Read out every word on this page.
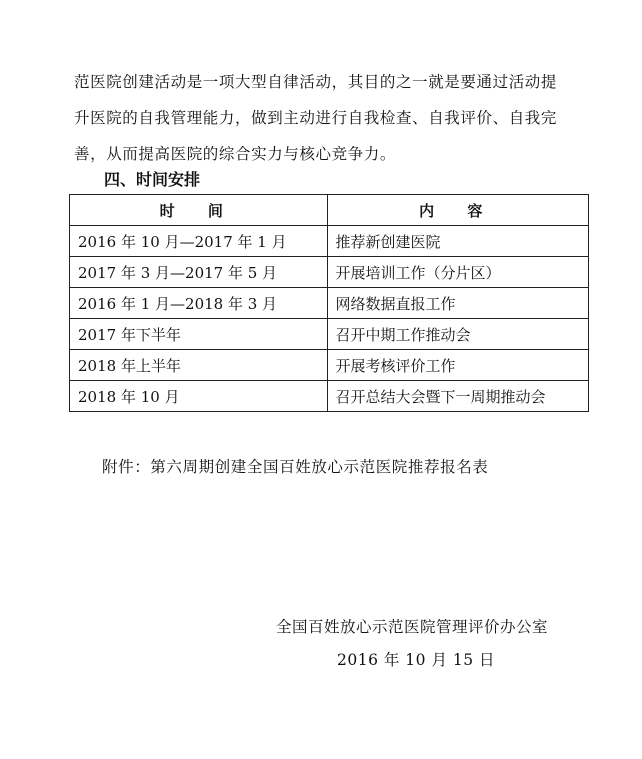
范医院创建活动是一项大型自律活动，其目的之一就是要通过活动提

升医院的自我管理能力，做到主动进行自我检查、自我评价、自我完

善，从而提高医院的综合实力与核心竞争力。

四、时间安排
时 间	内 容
2016 年 10 月—2017 年 1 月	推荐新创建医院
2017 年 3 月—2017 年 5 月	开展培训工作（分片区）
2016 年 1 月—2018 年 3 月	网络数据直报工作
2017 年下半年	召开中期工作推动会
2018 年上半年	开展考核评价工作
2018 年 10 月	召开总结大会暨下一周期推动会

附件：第六周期创建全国百姓放心示范医院推荐报名表

全国百姓放心示范医院管理评价办公室

2016 年 10 月 15 日
